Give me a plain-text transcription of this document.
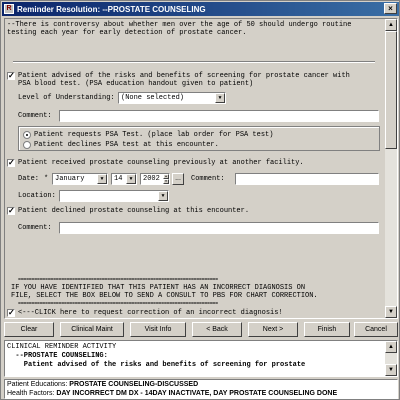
R Reminder Resolution: --PROSTATE COUNSELING	×
--There is controversy about whether men over the age of 50 should undergo routine
testing each year for early detection of prostate cancer.
✓ Patient advised of the risks and benefits of screening for prostate cancer with
PSA blood test. (PSA education handout given to patient)
Level of Understanding: (None selected)	▼
Comment:
Patient requests PSA Test. (place lab order for PSA test)
Patient declines PSA test at this encounter.
✓ Patient received prostate counseling previously at another facility.
Date: * January	▼	14	▼	2002	▲
▼	...	Comment:
Location:	▼
✓ Patient declined prostate counseling at this encounter.
Comment:
==========================================================================
IF YOU HAVE IDENTIFIED THAT THIS PATIENT HAS AN INCORRECT DIAGNOSIS ON
FILE, SELECT THE BOX BELOW TO SEND A CONSULT TO PBS FOR CHART CORRECTION.
==========================================================================
✓ <---CLICK here to request correction of an incorrect diagnosis!
▲
▼
Clear	Clinical Maint	Visit Info	< Back	Next >	Finish	Cancel
CLINICAL REMINDER ACTIVITY
--PROSTATE COUNSELING:
Patient advised of the risks and benefits of screening for prostate
▲
▼
Patient Educations: PROSTATE COUNSELING-DISCUSSED
Health Factors: DAY INCORRECT DM DX - 14DAY INACTIVATE, DAY PROSTATE COUNSELING DONE
